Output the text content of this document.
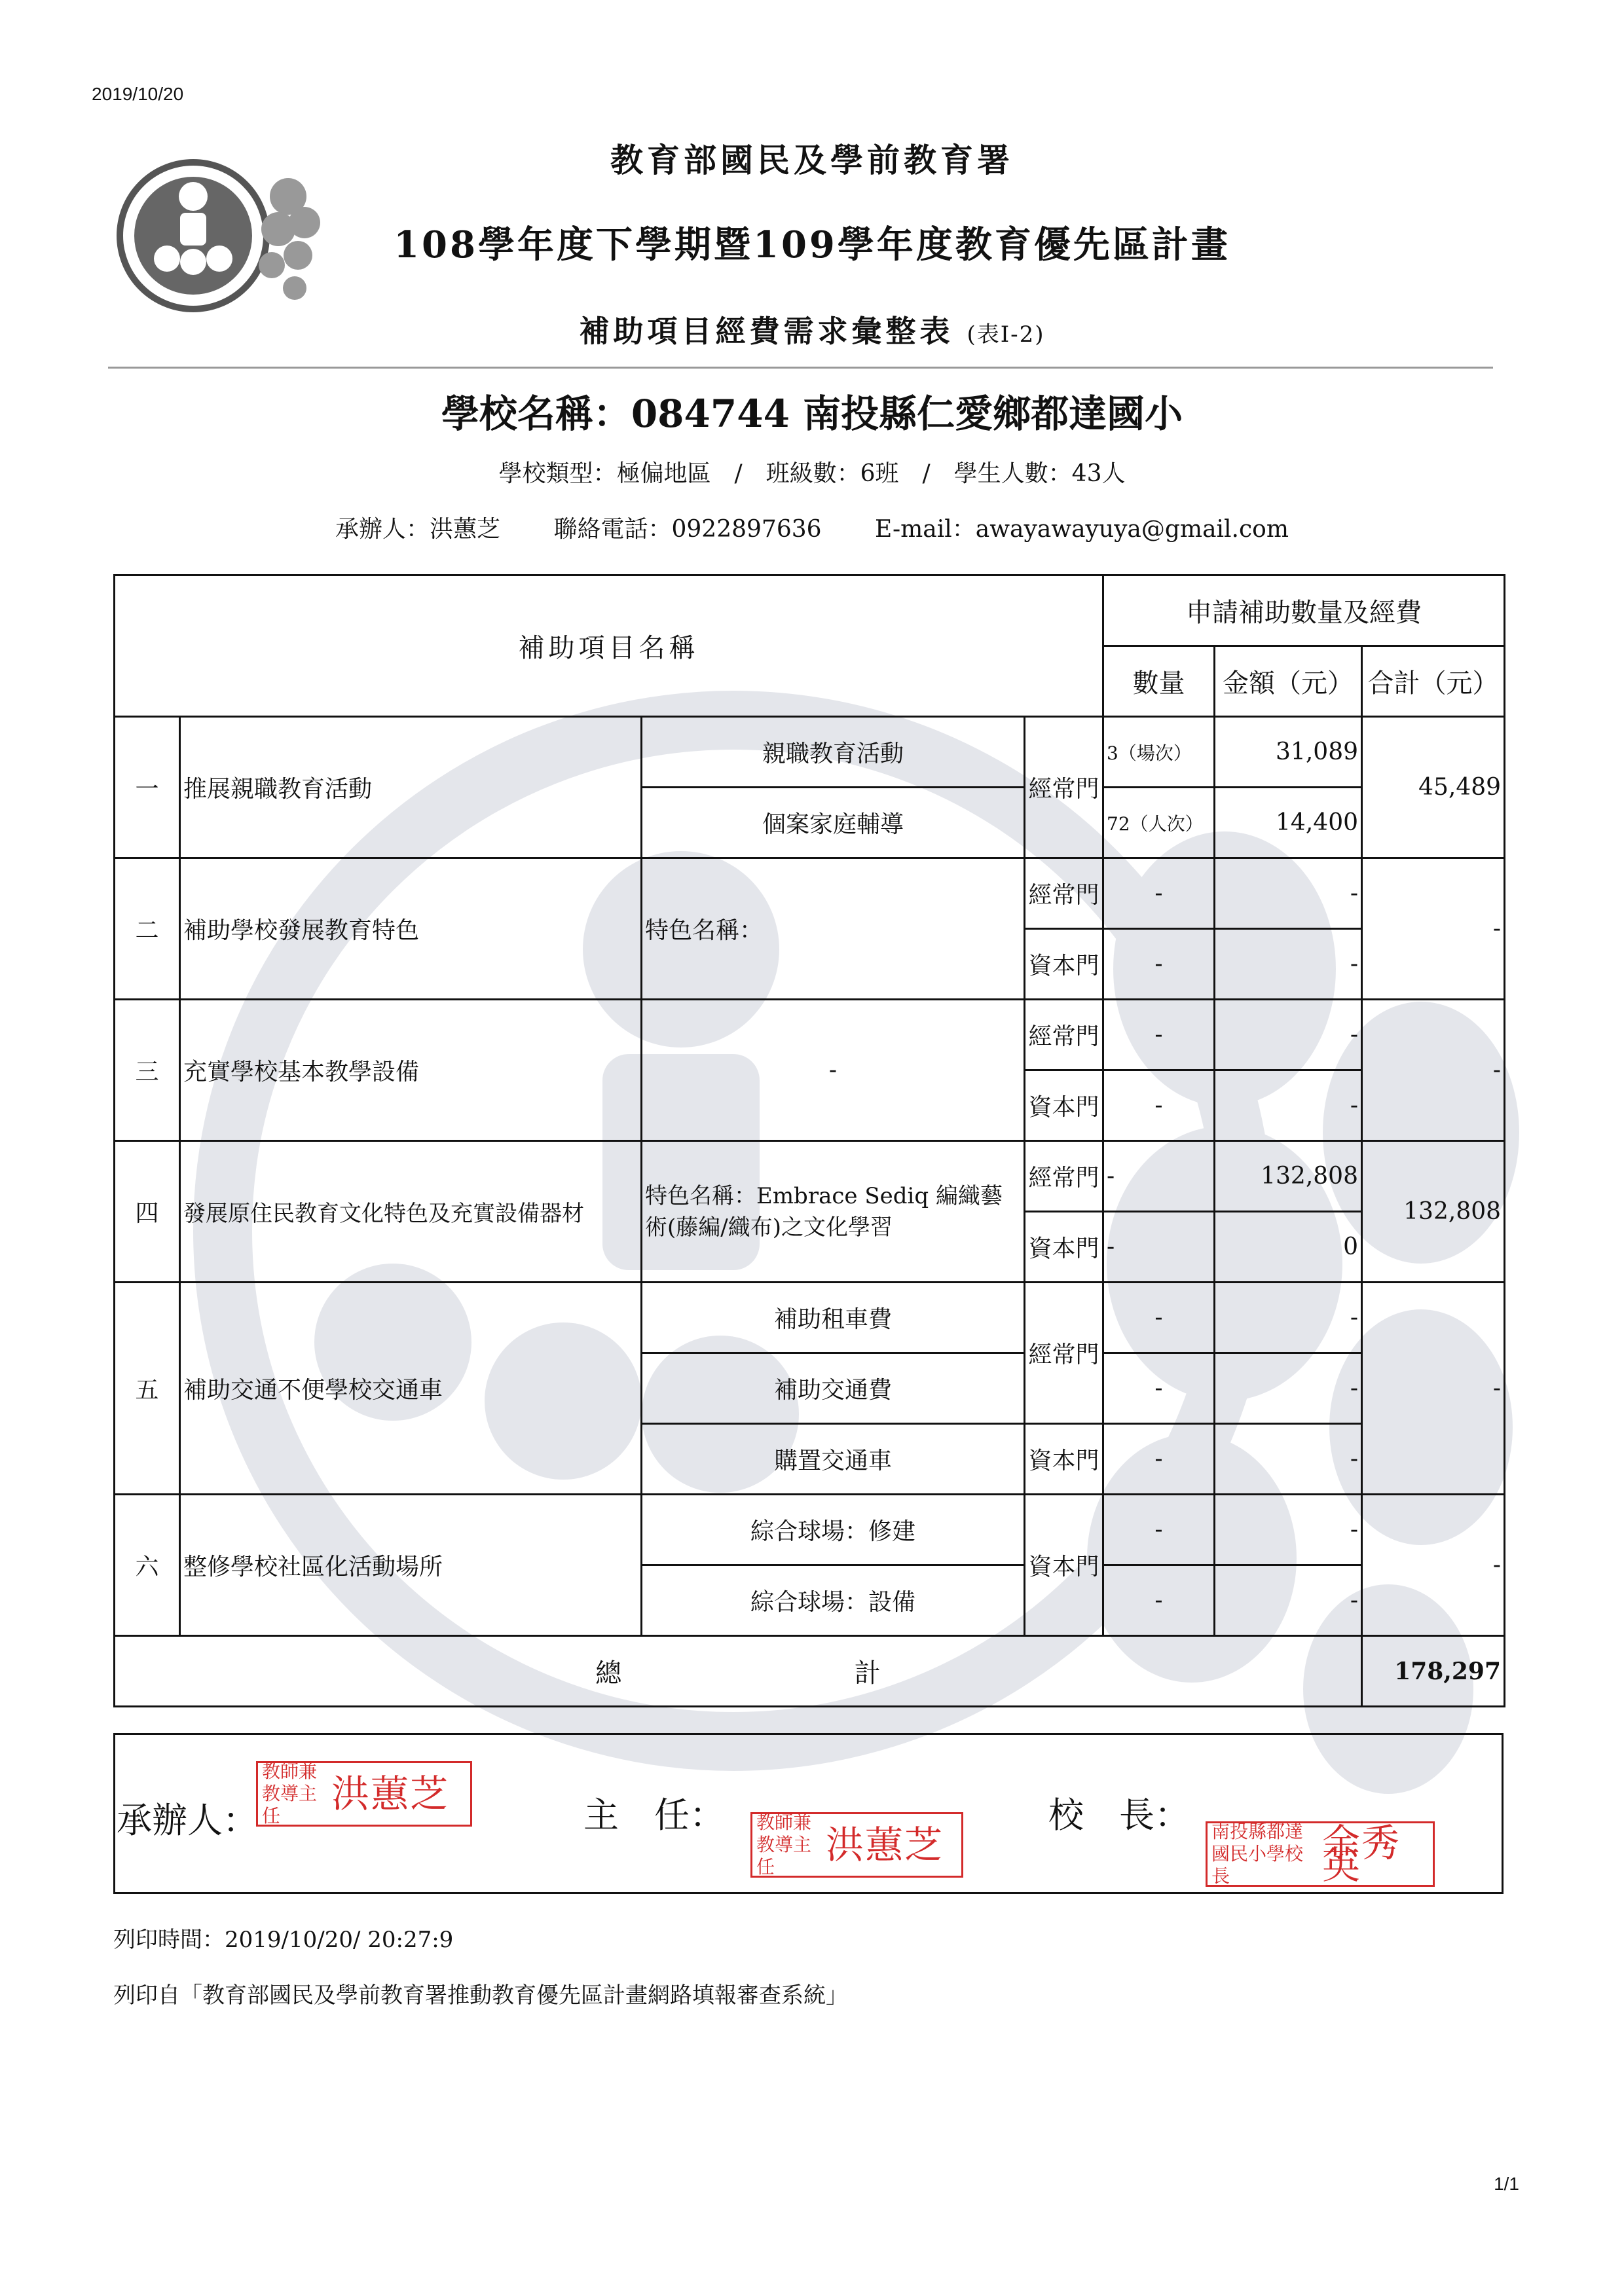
2019/10/20
1/1
教育部國民及學前教育署
108學年度下學期暨109學年度教育優先區計畫
補助項目經費需求彙整表 (表I-2)
學校名稱：084744 南投縣仁愛鄉都達國小
學校類型：極偏地區　/　班級數：6班　/　學生人數：43人
承辦人：洪蕙芝 聯絡電話：0922897636 E-mail：awayawayuya@gmail.com
補助項目名稱				申請補助數量及經費		
				數量	金額（元）	合計（元）
一	推展親職教育活動	親職教育活動	經常門	3（場次）	31,089	45,489
		個案家庭輔導		72（人次）	14,400	
二	補助學校發展教育特色	特色名稱：	經常門	-	-	-
			資本門	-	-	
三	充實學校基本教學設備	-	經常門	-	-	-
			資本門	-	-	
四	發展原住民教育文化特色及充實設備器材	特色名稱：Embrace Sediq 編織藝術(藤編/織布)之文化學習	經常門	-	132,808	132,808
			資本門	-	0	
五	補助交通不便學校交通車	補助租車費	經常門	-	-	-
		補助交通費		-	-	
		購置交通車	資本門	-	-	
六	整修學校社區化活動場所	綜合球場：修建	資本門	-	-	-
		綜合球場：設備		-	-	
總 計						178,297
承辦人：
教師兼教導主任	洪蕙芝	主　任： 教師兼教導主任	洪蕙芝
校　長： 南投縣都達國民小學校長
余秀英
列印時間：2019/10/20/ 20:27:9
列印自「教育部國民及學前教育署推動教育優先區計畫網路填報審查系統」
